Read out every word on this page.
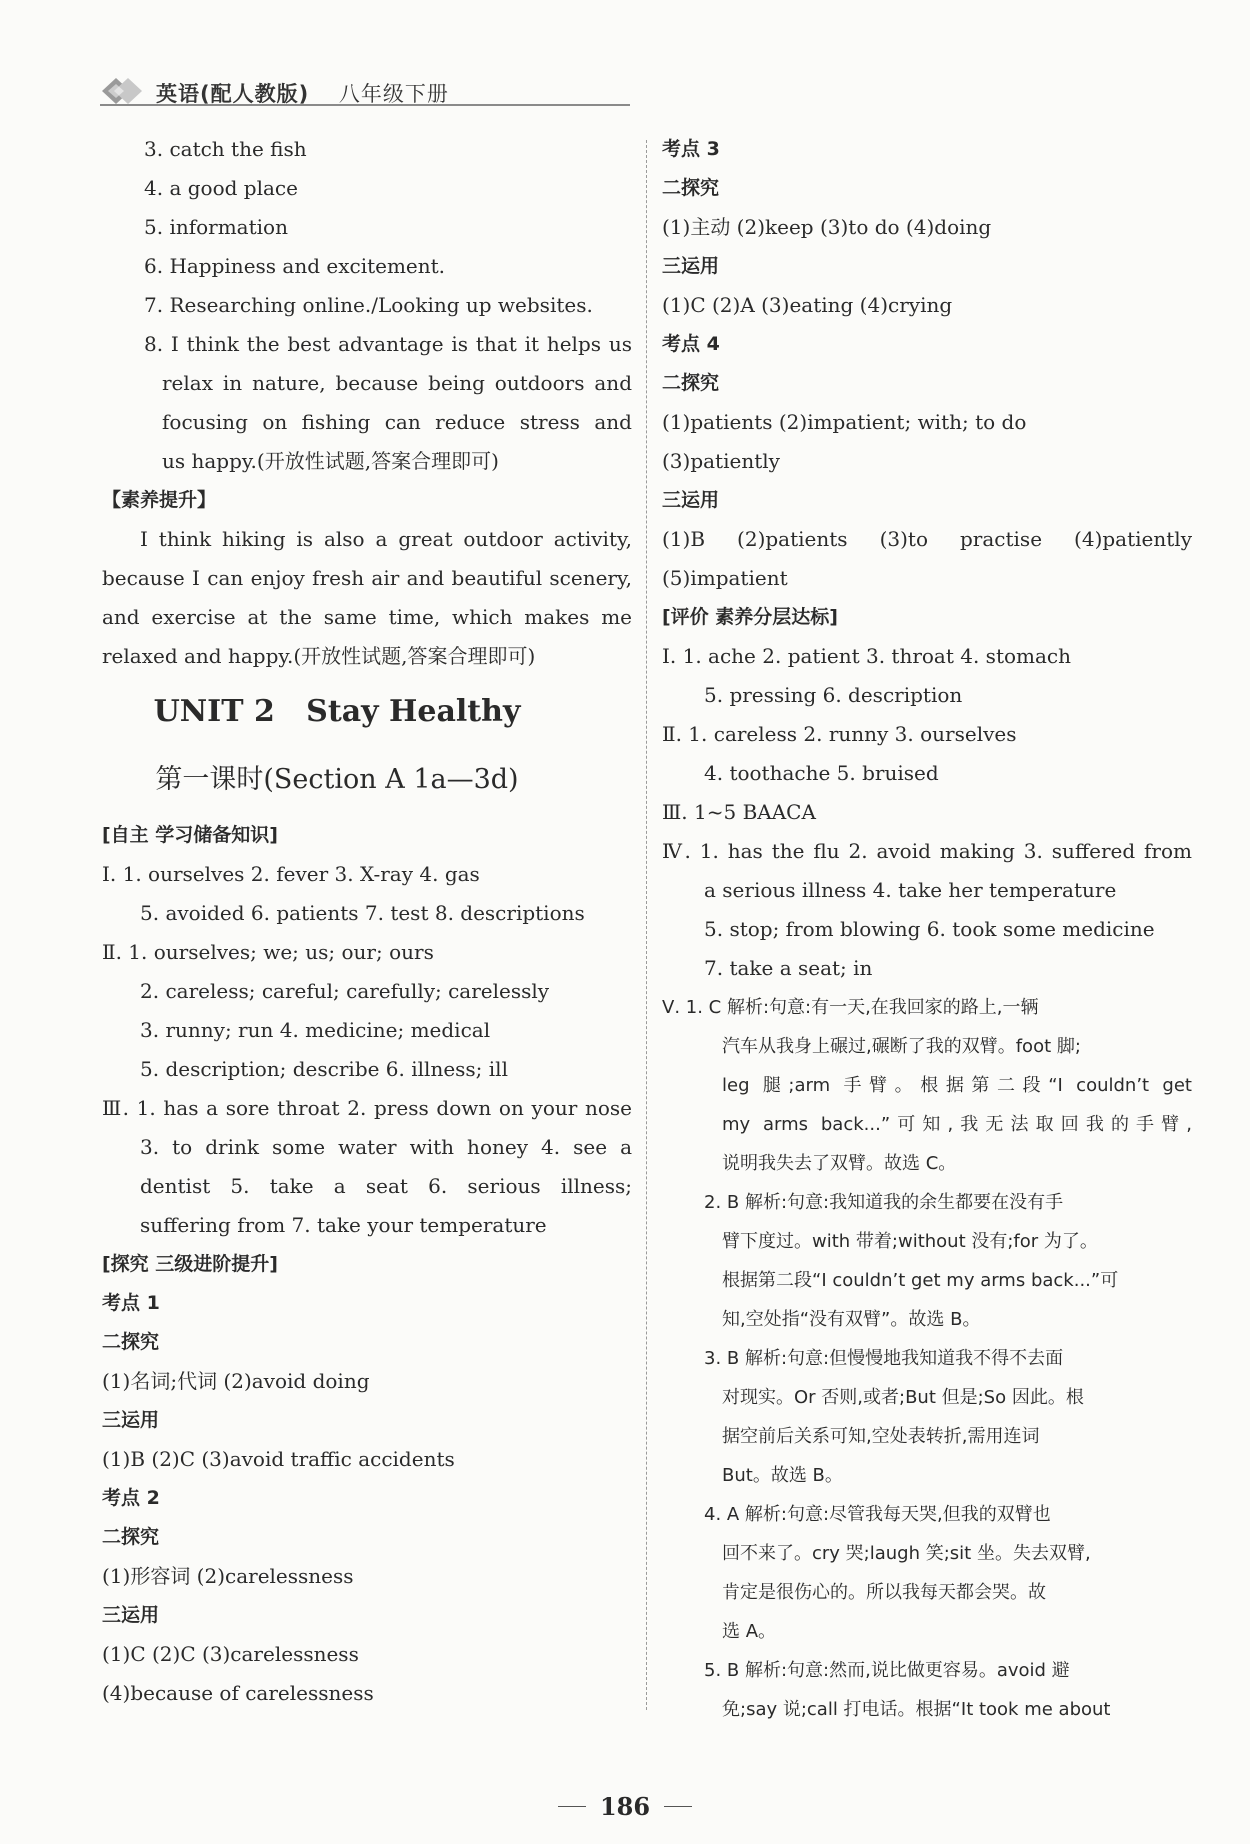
英语(配人教版) 八年级下册
3. catch the fish
4. a good place
5. information
6. Happiness and excitement.
7. Researching online./Looking up websites.
8. I think the best advantage is that it helps us
relax in nature, because being outdoors and
focusing on fishing can reduce stress and
us happy.(开放性试题,答案合理即可)
【素养提升】
I think hiking is also a great outdoor activity,
because I can enjoy fresh air and beautiful scenery,
and exercise at the same time, which makes me
relaxed and happy.(开放性试题,答案合理即可)
UNIT 2   Stay Healthy
第一课时(Section A 1a—3d)
[自主 学习储备知识]
Ⅰ. 1. ourselves 2. fever 3. X-ray 4. gas
5. avoided 6. patients 7. test 8. descriptions
Ⅱ. 1. ourselves; we; us; our; ours
2. careless; careful; carefully; carelessly
3. runny; run 4. medicine; medical
5. description; describe 6. illness; ill
Ⅲ. 1. has a sore throat 2. press down on your nose
3. to drink some water with honey 4. see a
dentist 5. take a seat 6. serious illness;
suffering from 7. take your temperature
[探究 三级进阶提升]
考点 1
二探究
(1)名词;代词 (2)avoid doing
三运用
(1)B (2)C (3)avoid traffic accidents
考点 2
二探究
(1)形容词 (2)carelessness
三运用
(1)C (2)C (3)carelessness
(4)because of carelessness
考点 3
二探究
(1)主动 (2)keep (3)to do (4)doing
三运用
(1)C (2)A (3)eating (4)crying
考点 4
二探究
(1)patients (2)impatient; with; to do
(3)patiently
三运用
(1)B (2)patients (3)to practise (4)patiently
(5)impatient
[评价 素养分层达标]
Ⅰ. 1. ache 2. patient 3. throat 4. stomach
5. pressing 6. description
Ⅱ. 1. careless 2. runny 3. ourselves
4. toothache 5. bruised
Ⅲ. 1~5 BAACA
Ⅳ. 1. has the flu 2. avoid making 3. suffered from
a serious illness 4. take her temperature
5. stop; from blowing 6. took some medicine
7. take a seat; in
Ⅴ. 1. C 解析:句意:有一天,在我回家的路上,一辆
汽车从我身上碾过,碾断了我的双臂。foot 脚;
leg 腿;arm 手臂。根据第二段“I couldn’t get
my arms back...”可知,我无法取回我的手臂,
说明我失去了双臂。故选 C。
2. B 解析:句意:我知道我的余生都要在没有手
臂下度过。with 带着;without 没有;for 为了。
根据第二段“I couldn’t get my arms back...”可
知,空处指“没有双臂”。故选 B。
3. B 解析:句意:但慢慢地我知道我不得不去面
对现实。Or 否则,或者;But 但是;So 因此。根
据空前后关系可知,空处表转折,需用连词
But。故选 B。
4. A 解析:句意:尽管我每天哭,但我的双臂也
回不来了。cry 哭;laugh 笑;sit 坐。失去双臂,
肯定是很伤心的。所以我每天都会哭。故
选 A。
5. B 解析:句意:然而,说比做更容易。avoid 避
免;say 说;call 打电话。根据“It took me about
186
